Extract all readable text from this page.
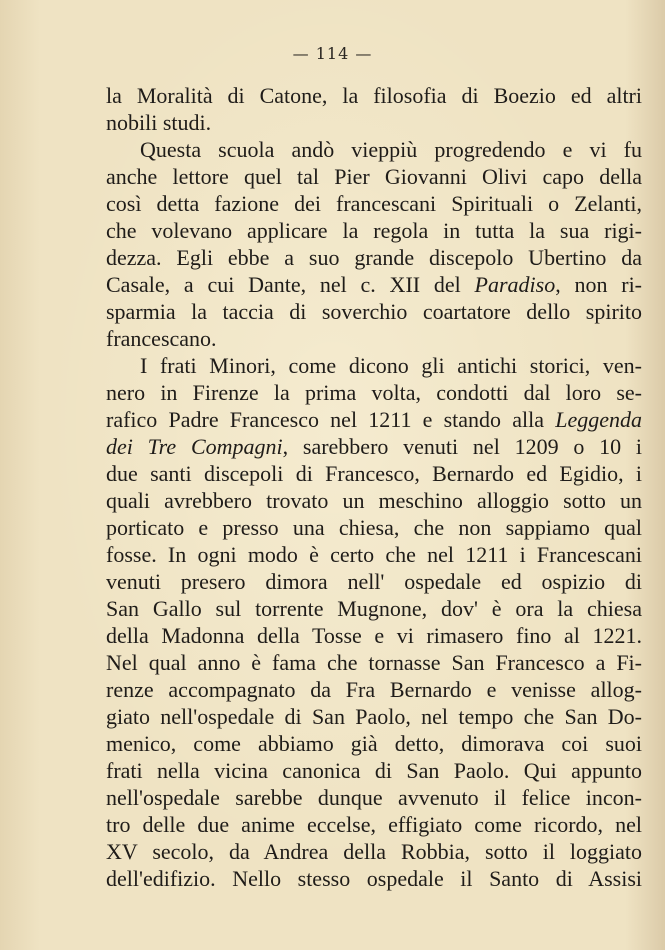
— 114 —
la Moralità di Catone, la filosofia di Boezio ed altri
nobili studi.
Questa scuola andò vieppiù progredendo e vi fu
anche lettore quel tal Pier Giovanni Olivi capo della
così detta fazione dei francescani Spirituali o Zelanti,
che volevano applicare la regola in tutta la sua rigi-
dezza. Egli ebbe a suo grande discepolo Ubertino da
Casale, a cui Dante, nel c. XII del Paradiso, non ri-
sparmia la taccia di soverchio coartatore dello spirito
francescano.
I frati Minori, come dicono gli antichi storici, ven-
nero in Firenze la prima volta, condotti dal loro se-
rafico Padre Francesco nel 1211 e stando alla Leggenda
dei Tre Compagni, sarebbero venuti nel 1209 o 10 i
due santi discepoli di Francesco, Bernardo ed Egidio, i
quali avrebbero trovato un meschino alloggio sotto un
porticato e presso una chiesa, che non sappiamo qual
fosse. In ogni modo è certo che nel 1211 i Francescani
venuti presero dimora nell' ospedale ed ospizio di
San Gallo sul torrente Mugnone, dov' è ora la chiesa
della Madonna della Tosse e vi rimasero fino al 1221.
Nel qual anno è fama che tornasse San Francesco a Fi-
renze accompagnato da Fra Bernardo e venisse allog-
giato nell'ospedale di San Paolo, nel tempo che San Do-
menico, come abbiamo già detto, dimorava coi suoi
frati nella vicina canonica di San Paolo. Qui appunto
nell'ospedale sarebbe dunque avvenuto il felice incon-
tro delle due anime eccelse, effigiato come ricordo, nel
XV secolo, da Andrea della Robbia, sotto il loggiato
dell'edifizio. Nello stesso ospedale il Santo di Assisi
